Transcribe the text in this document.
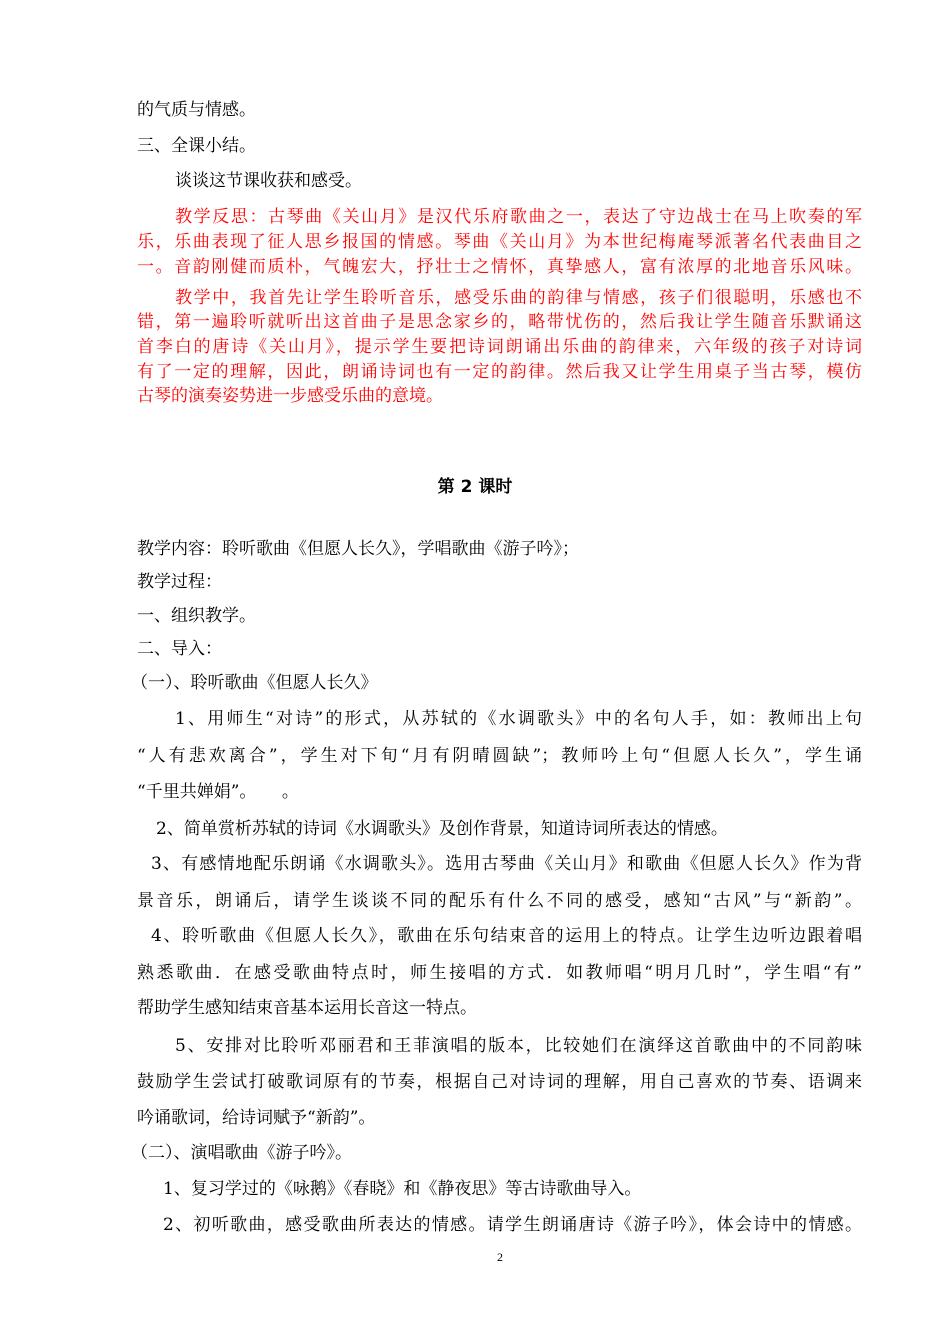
的气质与情感。
三、全课小结。
谈谈这节课收获和感受。
教学反思：古琴曲《关山月》是汉代乐府歌曲之一，表达了守边战士在马上吹奏的军
乐，乐曲表现了征人思乡报国的情感。琴曲《关山月》为本世纪梅庵琴派著名代表曲目之
一。音韵刚健而质朴，气魄宏大，抒壮士之情怀，真挚感人，富有浓厚的北地音乐风味。
教学中，我首先让学生聆听音乐，感受乐曲的韵律与情感，孩子们很聪明，乐感也不
错，第一遍聆听就听出这首曲子是思念家乡的，略带忧伤的，然后我让学生随音乐默诵这
首李白的唐诗《关山月》，提示学生要把诗词朗诵出乐曲的韵律来，六年级的孩子对诗词
有了一定的理解，因此，朗诵诗词也有一定的韵律。然后我又让学生用桌子当古琴，模仿
古琴的演奏姿势进一步感受乐曲的意境。
第 2 课时
教学内容：聆听歌曲《但愿人长久》，学唱歌曲《游子吟》；
教学过程：
一、组织教学。
二、导入：
（一）、聆听歌曲《但愿人长久》
1、用师生“对诗”的形式，从苏轼的《水调歌头》中的名句人手，如：教师出上句
“人有悲欢离合”，学生对下旬“月有阴晴圆缺”；教师吟上句“但愿人长久”，学生诵
“千里共婵娟”。　　。
2、简单赏析苏轼的诗词《水调歌头》及创作背景，知道诗词所表达的情感。
3、有感情地配乐朗诵《水调歌头》。选用古琴曲《关山月》和歌曲《但愿人长久》作为背
景音乐，朗诵后，请学生谈谈不同的配乐有什么不同的感受，感知“古风”与“新韵”。
4、聆听歌曲《但愿人长久》，歌曲在乐句结束音的运用上的特点。让学生边听边跟着唱
熟悉歌曲．在感受歌曲特点时，师生接唱的方式．如教师唱“明月几时”，学生唱“有”
帮助学生感知结束音基本运用长音这一特点。
5、安排对比聆听邓丽君和王菲演唱的版本，比较她们在演绎这首歌曲中的不同韵味
鼓励学生尝试打破歌词原有的节奏，根据自己对诗词的理解，用自己喜欢的节奏、语调来
吟诵歌词，给诗词赋予“新韵”。
（二）、演唱歌曲《游子吟》。
1、复习学过的《咏鹅》《春晓》和《静夜思》等古诗歌曲导入。
2、初听歌曲，感受歌曲所表达的情感。请学生朗诵唐诗《游子吟》，体会诗中的情感。
2
